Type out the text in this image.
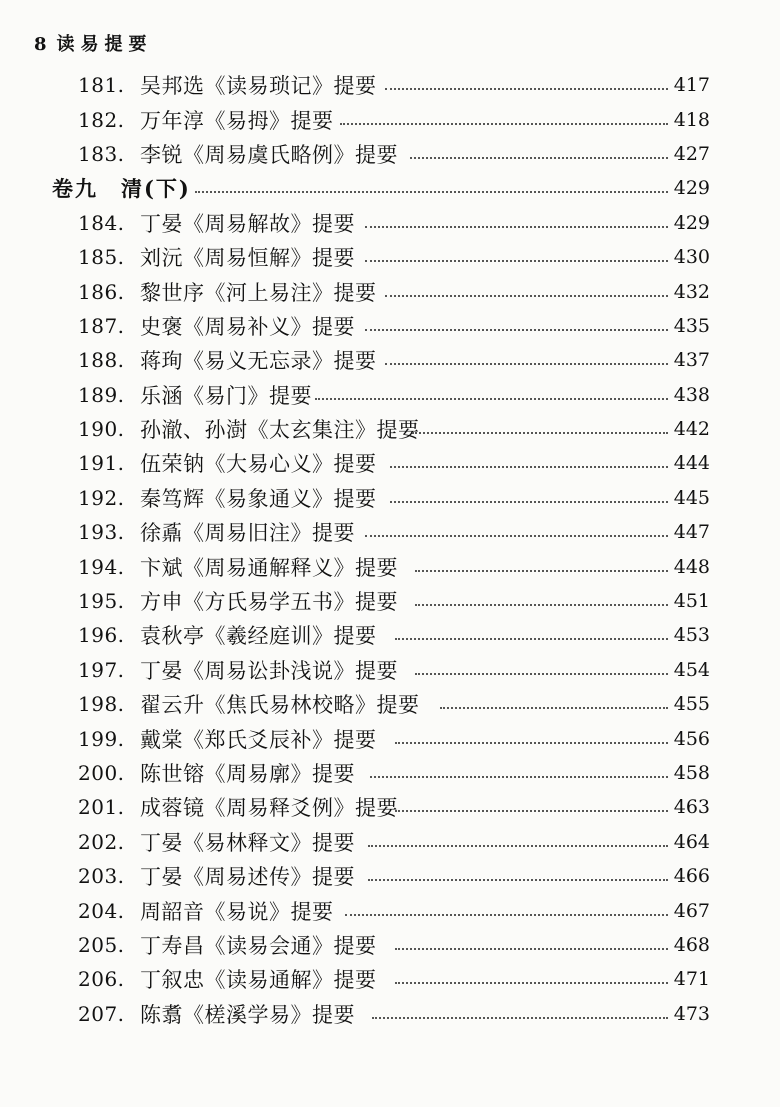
8 读易提要
181. 吴邦选《读易琐记》提要	417
182. 万年淳《易拇》提要	418
183. 李锐《周易虞氏略例》提要	427
卷九　清(下)	429
184. 丁晏《周易解故》提要	429
185. 刘沅《周易恒解》提要	430
186. 黎世序《河上易注》提要	432
187. 史褒《周易补义》提要	435
188. 蒋珣《易义无忘录》提要	437
189. 乐涵《易门》提要	438
190. 孙澈、孙澍《太玄集注》提要	442
191. 伍荣钠《大易心义》提要	444
192. 秦笃辉《易象通义》提要	445
193. 徐鼒《周易旧注》提要	447
194. 卞斌《周易通解释义》提要	448
195. 方申《方氏易学五书》提要	451
196. 袁秋亭《羲经庭训》提要	453
197. 丁晏《周易讼卦浅说》提要	454
198. 翟云升《焦氏易林校略》提要	455
199. 戴棠《郑氏爻辰补》提要	456
200. 陈世镕《周易廓》提要	458
201. 成蓉镜《周易释爻例》提要	463
202. 丁晏《易林释文》提要	464
203. 丁晏《周易述传》提要	466
204. 周韶音《易说》提要	467
205. 丁寿昌《读易会通》提要	468
206. 丁叙忠《读易通解》提要	471
207. 陈翥《槎溪学易》提要	473
